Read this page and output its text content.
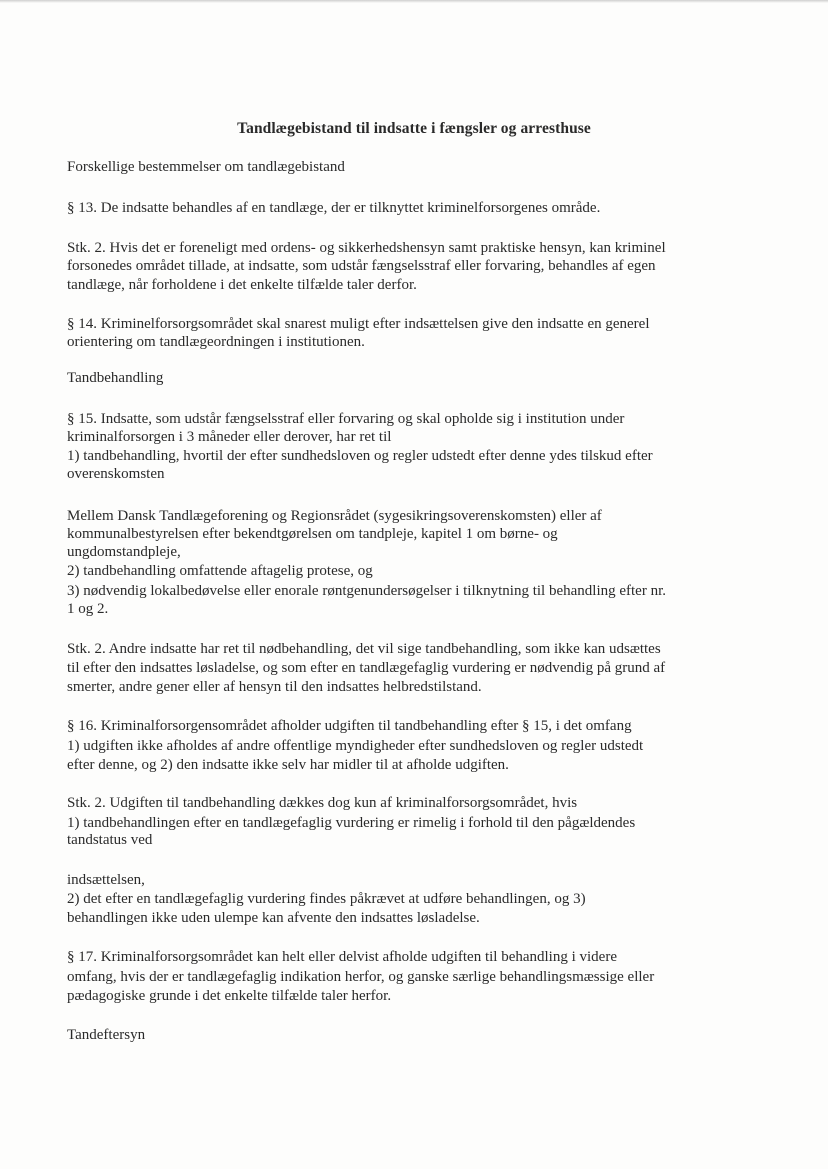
Tandlægebistand til indsatte i fængsler og arresthuse
Forskellige bestemmelser om tandlægebistand
§ 13. De indsatte behandles af en tandlæge, der er tilknyttet kriminelforsorgenes område.
Stk. 2. Hvis det er foreneligt med ordens- og sikkerhedshensyn samt praktiske hensyn, kan kriminel
forsonedes området tillade, at indsatte, som udstår fængselsstraf eller forvaring, behandles af egen
tandlæge, når forholdene i det enkelte tilfælde taler derfor.
§ 14. Kriminelforsorgsområdet skal snarest muligt efter indsættelsen give den indsatte en generel
orientering om tandlægeordningen i institutionen.
Tandbehandling
§ 15. Indsatte, som udstår fængselsstraf eller forvaring og skal opholde sig i institution under
kriminalforsorgen i 3 måneder eller derover, har ret til
1) tandbehandling, hvortil der efter sundhedsloven og regler udstedt efter denne ydes tilskud efter
overenskomsten
Mellem Dansk Tandlægeforening og Regionsrådet (sygesikringsoverenskomsten) eller af
kommunalbestyrelsen efter bekendtgørelsen om tandpleje, kapitel 1 om børne- og
ungdomstandpleje,
2) tandbehandling omfattende aftagelig protese, og
3) nødvendig lokalbedøvelse eller enorale røntgenundersøgelser i tilknytning til behandling efter nr.
1 og 2.
Stk. 2. Andre indsatte har ret til nødbehandling, det vil sige tandbehandling, som ikke kan udsættes
til efter den indsattes løsladelse, og som efter en tandlægefaglig vurdering er nødvendig på grund af
smerter, andre gener eller af hensyn til den indsattes helbredstilstand.
§ 16. Kriminalforsorgensområdet afholder udgiften til tandbehandling efter § 15, i det omfang
1) udgiften ikke afholdes af andre offentlige myndigheder efter sundhedsloven og regler udstedt
efter denne, og 2) den indsatte ikke selv har midler til at afholde udgiften.
Stk. 2. Udgiften til tandbehandling dækkes dog kun af kriminalforsorgsområdet, hvis
1) tandbehandlingen efter en tandlægefaglig vurdering er rimelig i forhold til den pågældendes
tandstatus ved
indsættelsen,
2) det efter en tandlægefaglig vurdering findes påkrævet at udføre behandlingen, og 3)
behandlingen ikke uden ulempe kan afvente den indsattes løsladelse.
§ 17. Kriminalforsorgsområdet kan helt eller delvist afholde udgiften til behandling i videre
omfang, hvis der er tandlægefaglig indikation herfor, og ganske særlige behandlingsmæssige eller
pædagogiske grunde i det enkelte tilfælde taler herfor.
Tandeftersyn
